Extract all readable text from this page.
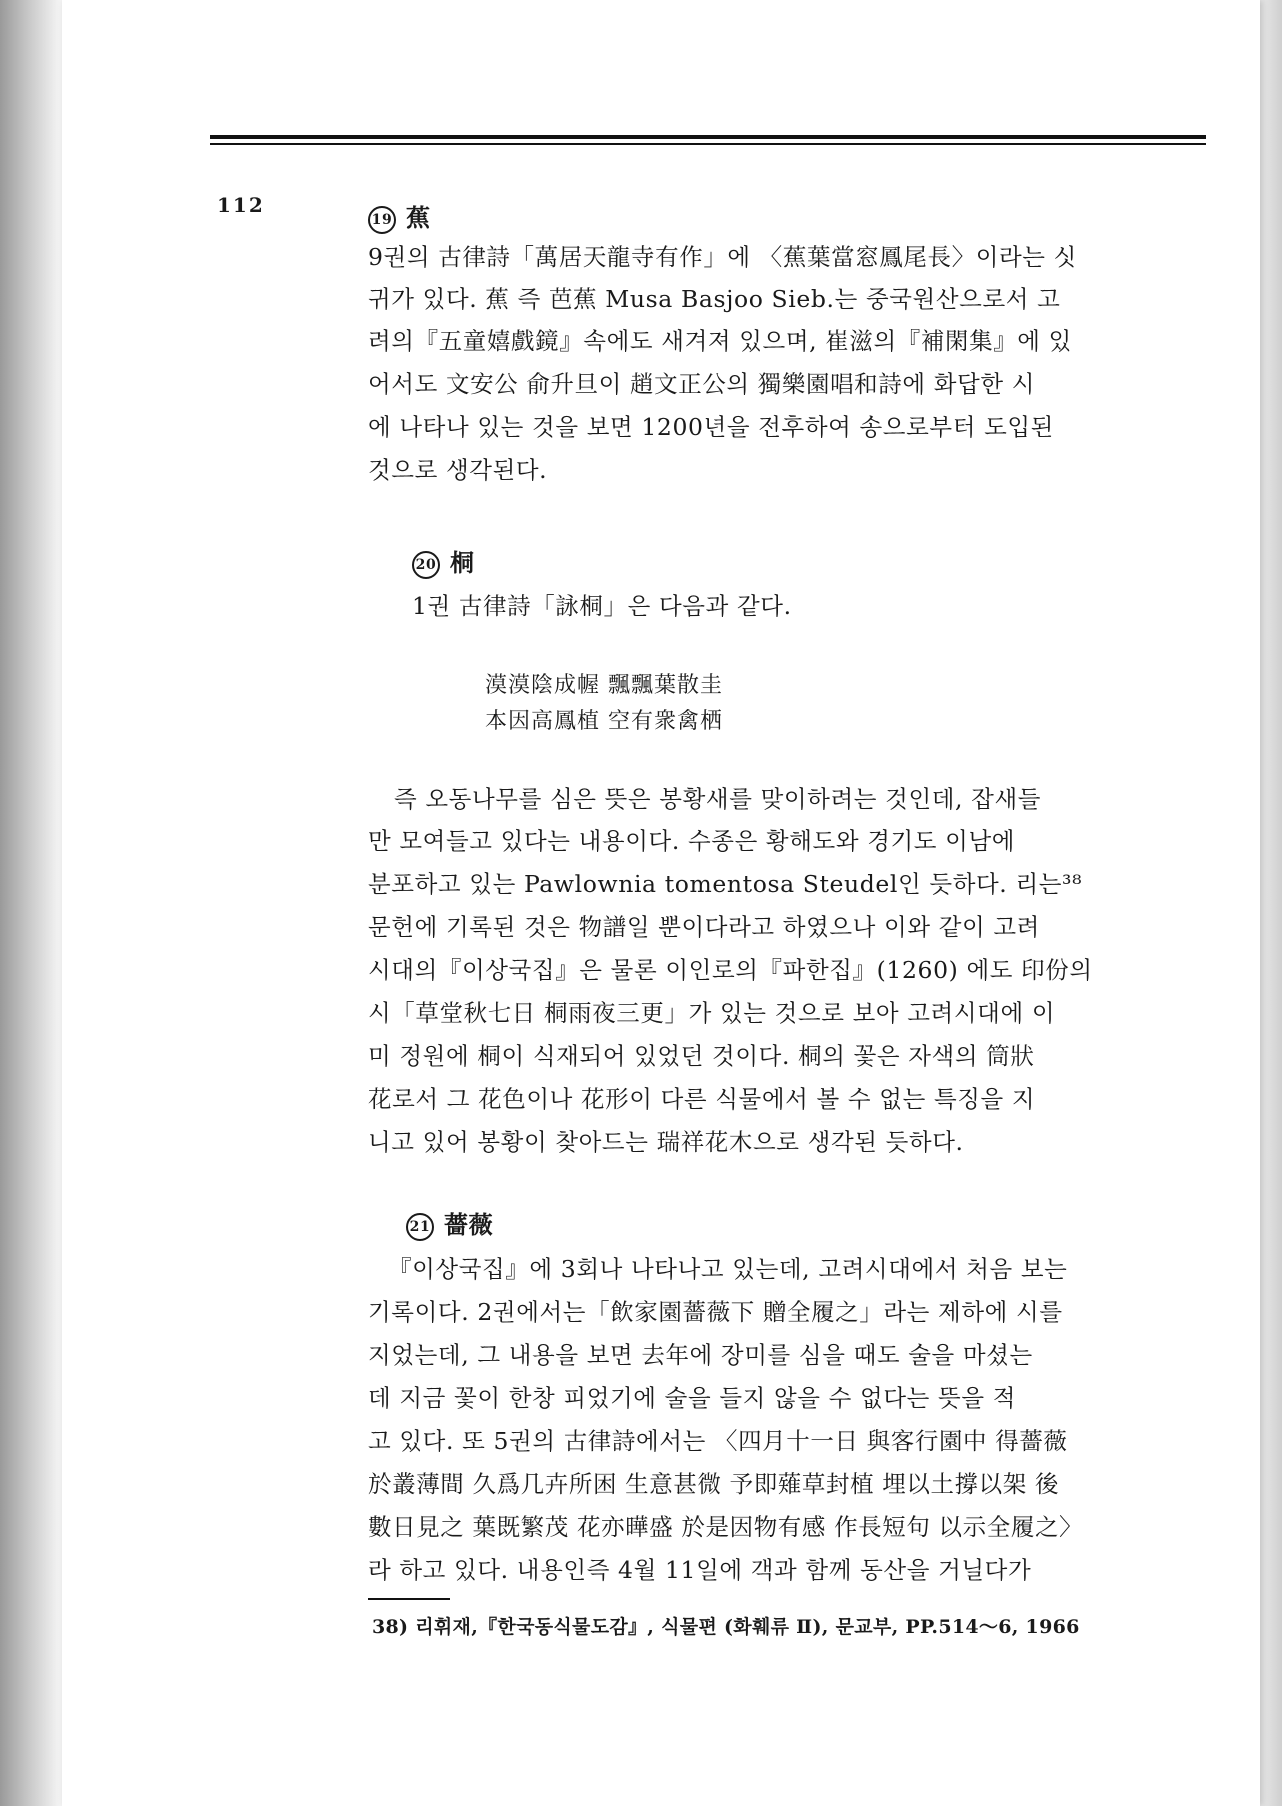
112
19 蕉
9권의 古律詩「萬居天龍寺有作」에 〈蕉葉當窓鳳尾長〉이라는 싯
귀가 있다. 蕉 즉 芭蕉 Musa Basjoo Sieb.는 중국원산으로서 고
려의『五童嬉戲鏡』속에도 새겨져 있으며, 崔滋의『補閑集』에 있
어서도 文安公 俞升旦이 趙文正公의 獨樂園唱和詩에 화답한 시
에 나타나 있는 것을 보면 1200년을 전후하여 송으로부터 도입된
것으로 생각된다.
20 桐
1권 古律詩「詠桐」은 다음과 같다.
漠漠陰成幄 飄飄葉散圭
本因高鳳植 空有衆禽栖
즉 오동나무를 심은 뜻은 봉황새를 맞이하려는 것인데, 잡새들
만 모여들고 있다는 내용이다. 수종은 황해도와 경기도 이남에
분포하고 있는 Pawlownia tomentosa Steudel인 듯하다. 리는³⁸
문헌에 기록된 것은 物譜일 뿐이다라고 하였으나 이와 같이 고려
시대의『이상국집』은 물론 이인로의『파한집』(1260) 에도 印份의
시「草堂秋七日 桐雨夜三更」가 있는 것으로 보아 고려시대에 이
미 정원에 桐이 식재되어 있었던 것이다. 桐의 꽃은 자색의 筒狀
花로서 그 花色이나 花形이 다른 식물에서 볼 수 없는 특징을 지
니고 있어 봉황이 찾아드는 瑞祥花木으로 생각된 듯하다.
21 薔薇
『이상국집』에 3회나 나타나고 있는데, 고려시대에서 처음 보는
기록이다. 2권에서는「飲家園薔薇下 贈全履之」라는 제하에 시를
지었는데, 그 내용을 보면 去年에 장미를 심을 때도 술을 마셨는
데 지금 꽃이 한창 피었기에 술을 들지 않을 수 없다는 뜻을 적
고 있다. 또 5권의 古律詩에서는 〈四月十一日 與客行園中 得薔薇
於叢薄間 久爲几卉所困 生意甚微 予即薙草封植 埋以土撐以架 後
數日見之 葉既繁茂 花亦曄盛 於是因物有感 作長短句 以示全履之〉
라 하고 있다. 내용인즉 4월 11일에 객과 함께 동산을 거닐다가
38) 리휘재,『한국동식물도감』, 식물편 (화훼류 Ⅱ), 문교부, PP.514～6, 1966
